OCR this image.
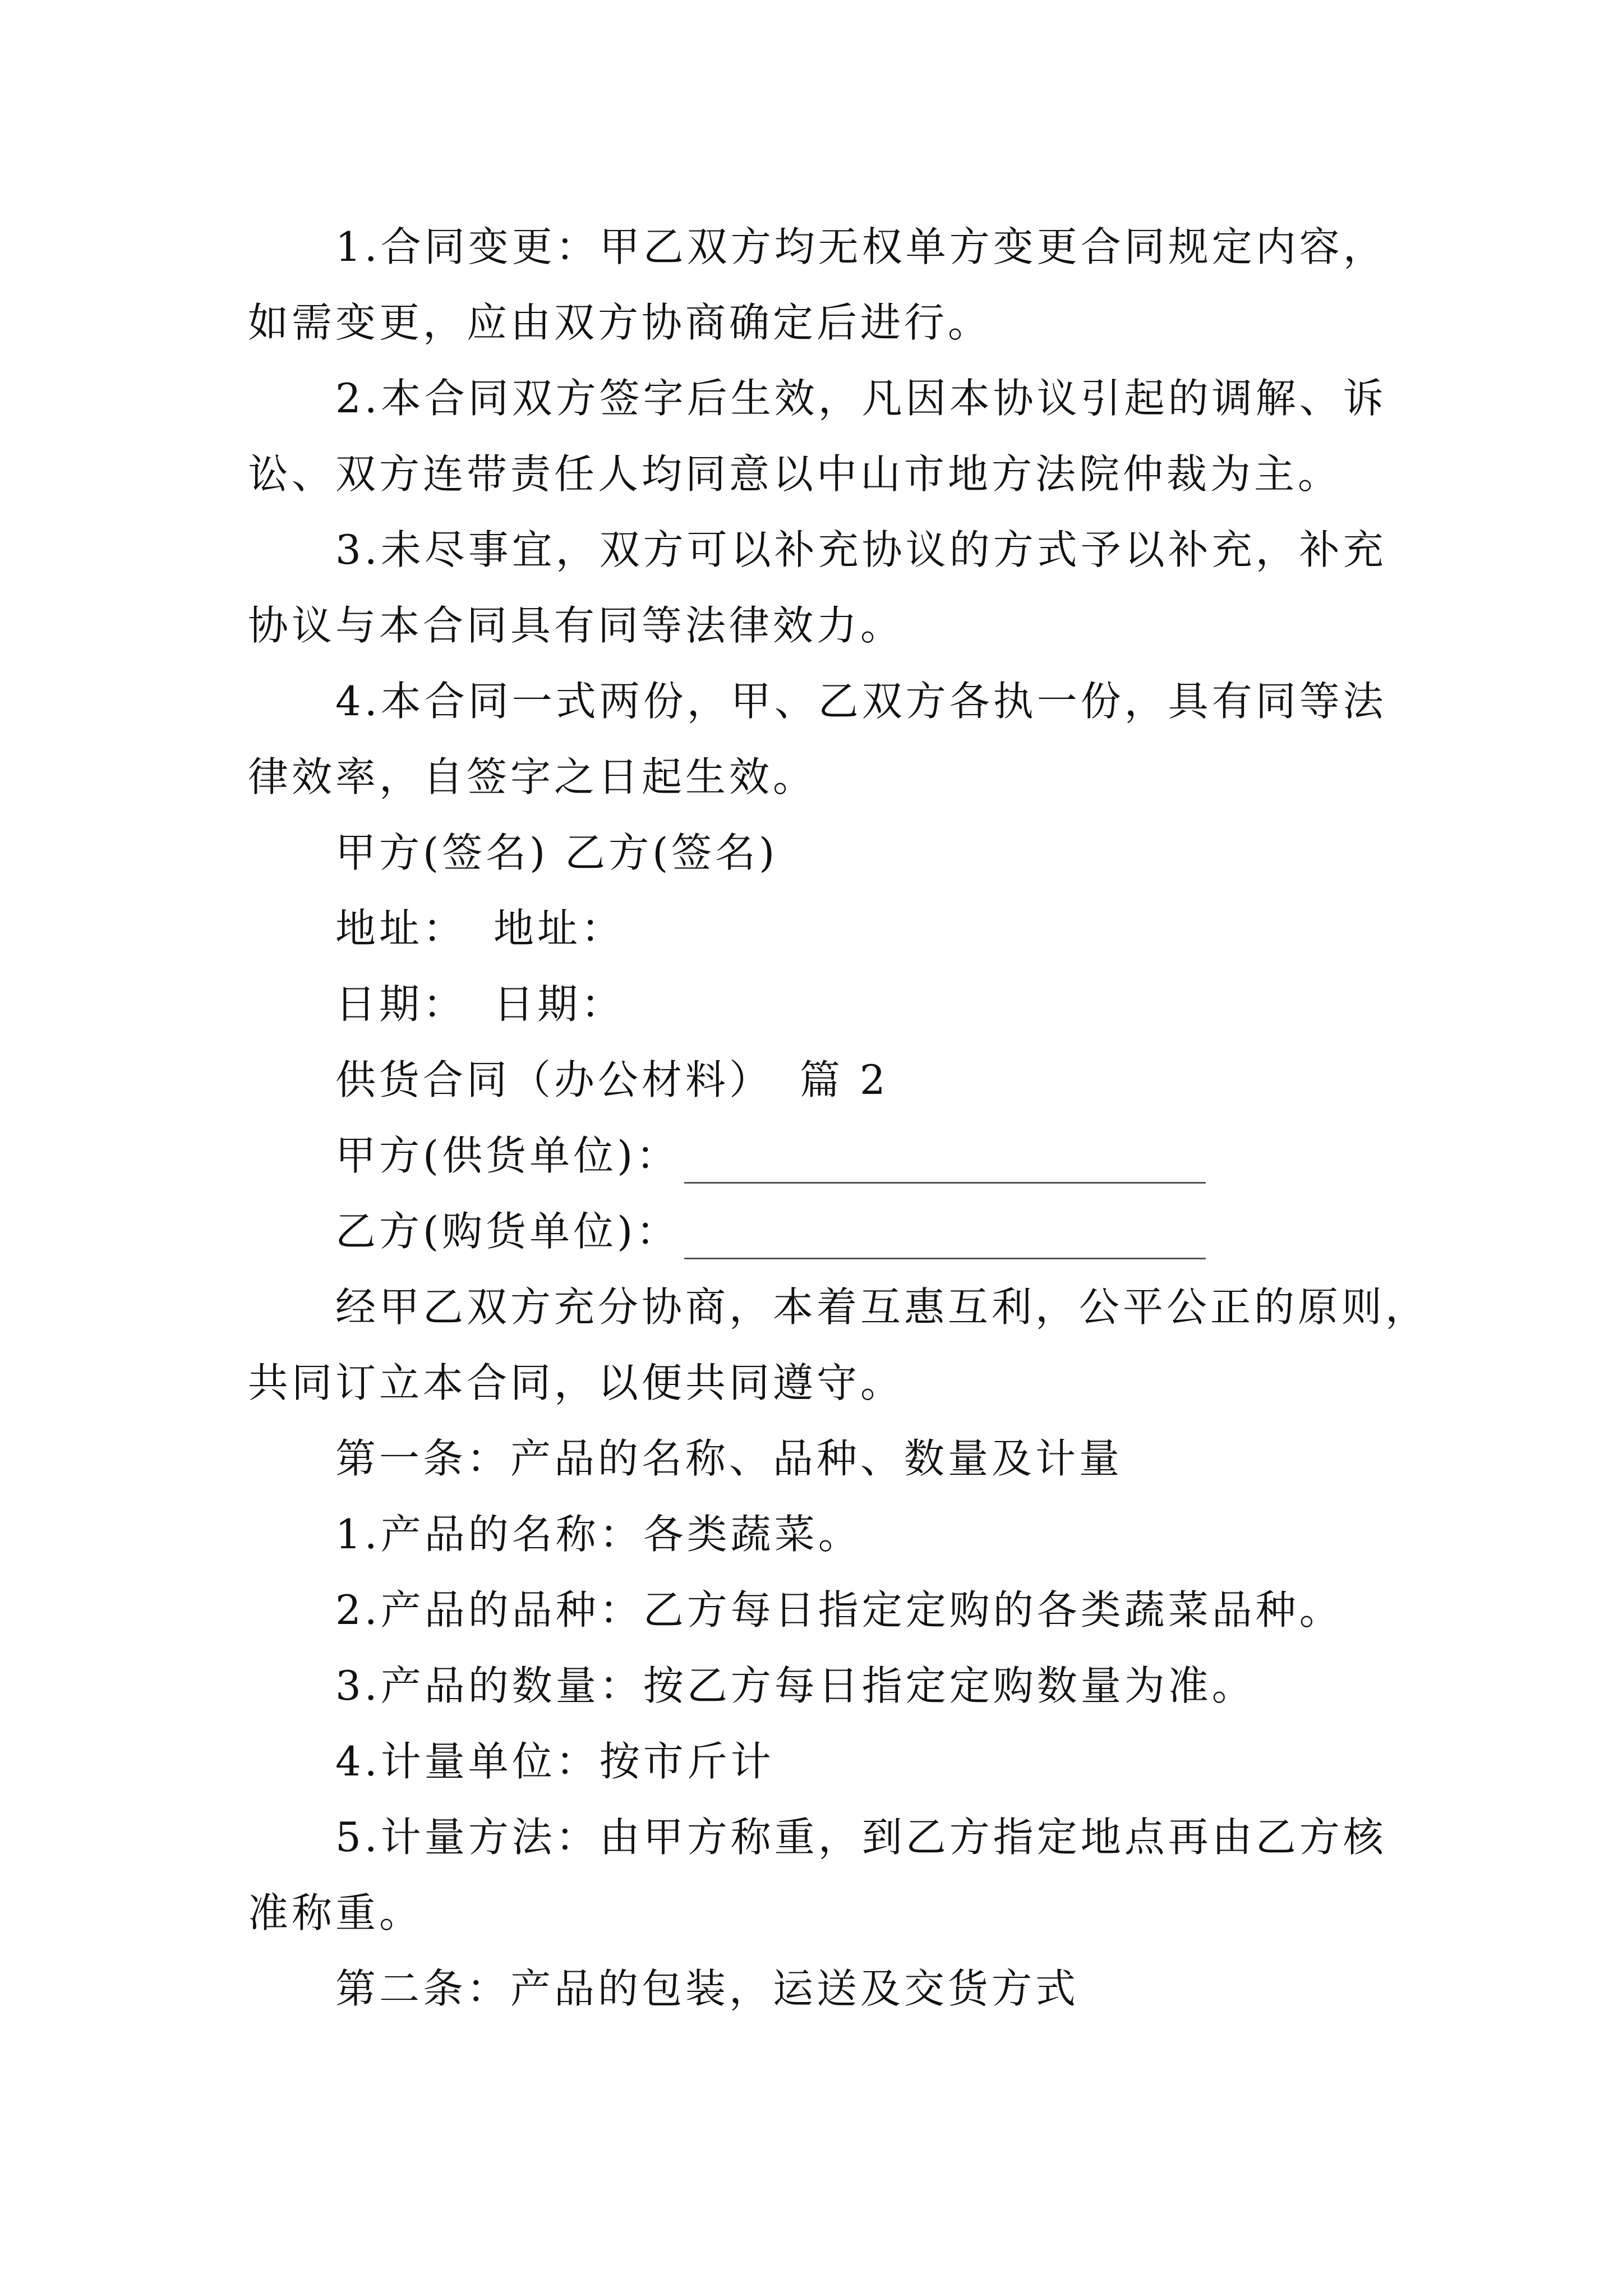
1.合同变更：甲乙双方均无权单方变更合同规定内容，
如需变更，应由双方协商确定后进行。
2.本合同双方签字后生效，凡因本协议引起的调解、诉
讼、双方连带责任人均同意以中山市地方法院仲裁为主。
3.未尽事宜，双方可以补充协议的方式予以补充，补充
协议与本合同具有同等法律效力。
4.本合同一式两份，甲、乙双方各执一份，具有同等法
律效率，自签字之日起生效。
甲方(签名) 乙方(签名)
地址： 地址：
日期： 日期：
供货合同（办公材料） 篇 2
甲方(供货单位)：
乙方(购货单位)：
经甲乙双方充分协商，本着互惠互利，公平公正的原则，
共同订立本合同，以便共同遵守。
第一条：产品的名称、品种、数量及计量
1.产品的名称：各类蔬菜。
2.产品的品种：乙方每日指定定购的各类蔬菜品种。
3.产品的数量：按乙方每日指定定购数量为准。
4.计量单位：按市斤计
5.计量方法：由甲方称重，到乙方指定地点再由乙方核
准称重。
第二条：产品的包装，运送及交货方式
